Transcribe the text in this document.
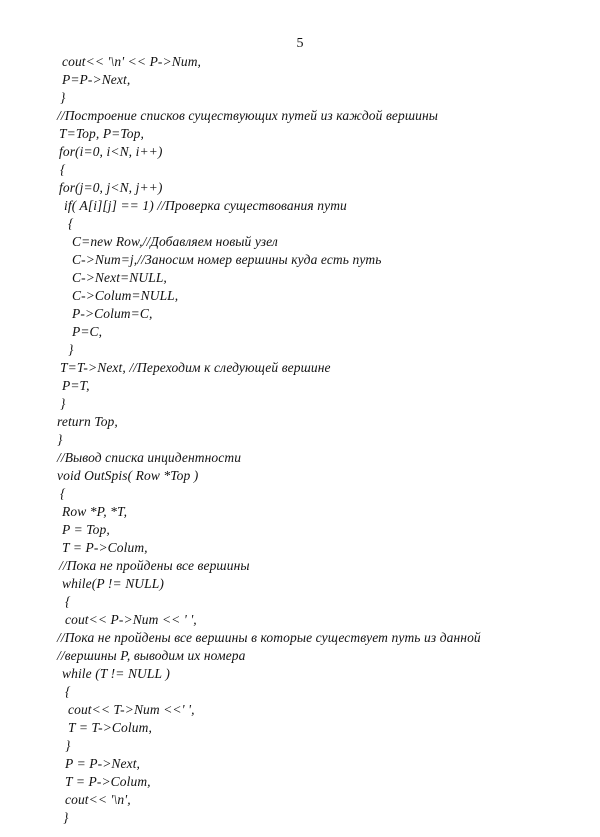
5
cout<< '\n' << P->Num,
P=P->Next,
}
//Построение списков существующих путей из каждой вершины
T=Top, P=Top,
for(i=0, i<N, i++)
{
for(j=0, j<N, j++)
if( A[i][j] == 1) //Проверка существования пути
{
C=new Row,//Добавляем новый узел
C->Num=j,//Заносим номер вершины куда есть путь
C->Next=NULL,
C->Colum=NULL,
P->Colum=C,
P=C,
}
T=T->Next, //Переходим к следующей вершине
P=T,
}
return Top,
}
//Вывод списка инцидентности
void OutSpis( Row *Top )
{
Row *P, *T,
P = Top,
T = P->Colum,
//Пока не пройдены все вершины
while(P != NULL)
{
cout<< P->Num << ' ',
//Пока не пройдены все вершины в которые существует путь из данной
//вершины P, выводим их номера
while (T != NULL )
{
cout<< T->Num <<' ',
T = T->Colum,
}
P = P->Next,
T = P->Colum,
cout<< '\n',
}
